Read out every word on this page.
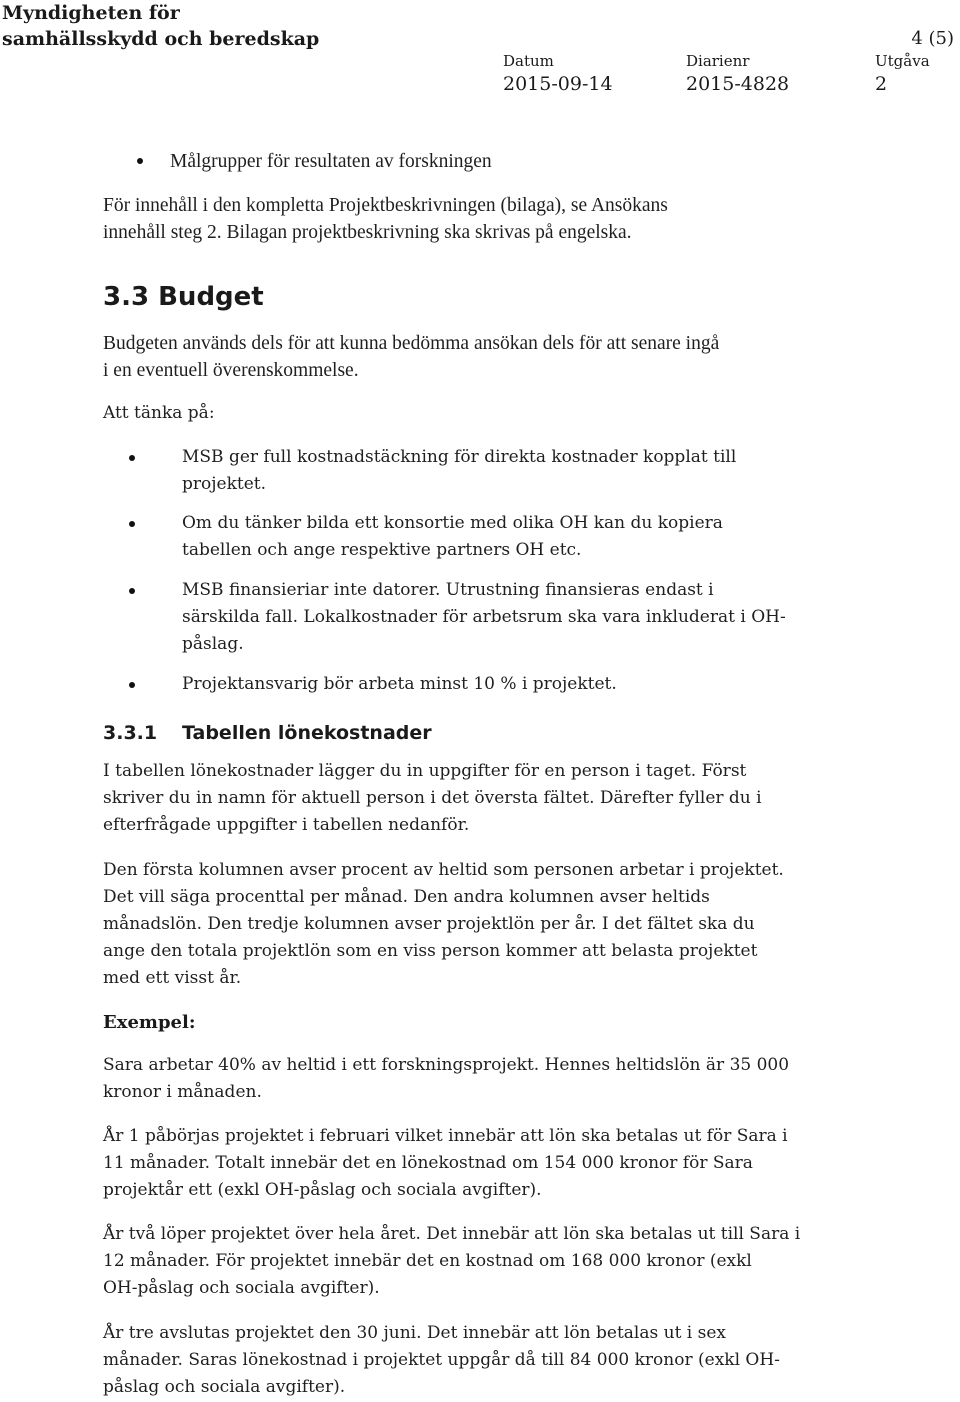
Myndigheten för
samhällsskydd och beredskap	4 (5)
Datum
2015-09-14
Diarienr
2015-4828
Utgåva
2
Målgrupper för resultaten av forskningen
För innehåll i den kompletta Projektbeskrivningen (bilaga), se Ansökans
innehåll steg 2. Bilagan projektbeskrivning ska skrivas på engelska.
3.3 Budget
Budgeten används dels för att kunna bedömma ansökan dels för att senare ingå
i en eventuell överenskommelse.
Att tänka på:
MSB ger full kostnadstäckning för direkta kostnader kopplat till
projektet.
Om du tänker bilda ett konsortie med olika OH kan du kopiera
tabellen och ange respektive partners OH etc.
MSB finansieriar inte datorer. Utrustning finansieras endast i
särskilda fall. Lokalkostnader för arbetsrum ska vara inkluderat i OH-
påslag.
Projektansvarig bör arbeta minst 10 % i projektet.
3.3.1 Tabellen lönekostnader
I tabellen lönekostnader lägger du in uppgifter för en person i taget. Först
skriver du in namn för aktuell person i det översta fältet. Därefter fyller du i
efterfrågade uppgifter i tabellen nedanför.
Den första kolumnen avser procent av heltid som personen arbetar i projektet.
Det vill säga procenttal per månad. Den andra kolumnen avser heltids
månadslön. Den tredje kolumnen avser projektlön per år. I det fältet ska du
ange den totala projektlön som en viss person kommer att belasta projektet
med ett visst år.
Exempel:
Sara arbetar 40% av heltid i ett forskningsprojekt. Hennes heltidslön är 35 000
kronor i månaden.
År 1 påbörjas projektet i februari vilket innebär att lön ska betalas ut för Sara i
11 månader. Totalt innebär det en lönekostnad om 154 000 kronor för Sara
projektår ett (exkl OH-påslag och sociala avgifter).
År två löper projektet över hela året. Det innebär att lön ska betalas ut till Sara i
12 månader. För projektet innebär det en kostnad om 168 000 kronor (exkl
OH-påslag och sociala avgifter).
År tre avslutas projektet den 30 juni. Det innebär att lön betalas ut i sex
månader. Saras lönekostnad i projektet uppgår då till 84 000 kronor (exkl OH-
påslag och sociala avgifter).
